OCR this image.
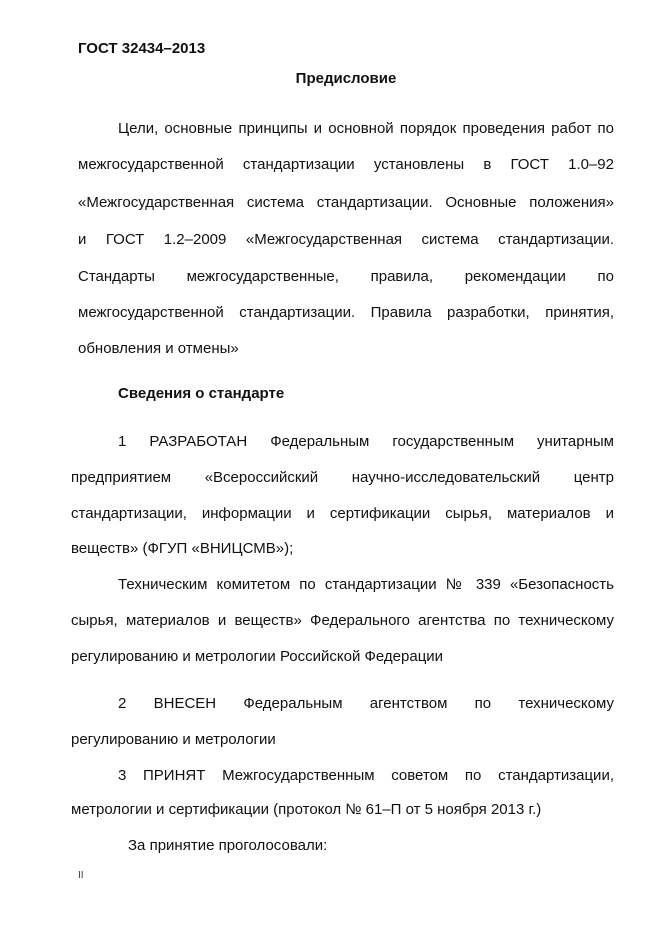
ГОСТ 32434–2013
Предисловие
Цели, основные принципы и основной порядок проведения работ по
межгосударственной стандартизации установлены в ГОСТ 1.0–92
«Межгосударственная система стандартизации. Основные положения»
и ГОСТ 1.2–2009 «Межгосударственная система стандартизации.
Стандарты межгосударственные, правила, рекомендации по
межгосударственной стандартизации. Правила разработки, принятия,
обновления и отмены»
Сведения о стандарте
1 РАЗРАБОТАН Федеральным государственным унитарным
предприятием «Всероссийский научно-исследовательский центр
стандартизации, информации и сертификации сырья, материалов и
веществ» (ФГУП «ВНИЦСМВ»);
Техническим комитетом по стандартизации № 339 «Безопасность
сырья, материалов и веществ» Федерального агентства по техническому
регулированию и метрологии Российской Федерации
2 ВНЕСЕН Федеральным агентством по техническому
регулированию и метрологии
3 ПРИНЯТ Межгосударственным советом по стандартизации,
метрологии и сертификации (протокол № 61–П от 5 ноября 2013 г.)
За принятие проголосовали:
II
